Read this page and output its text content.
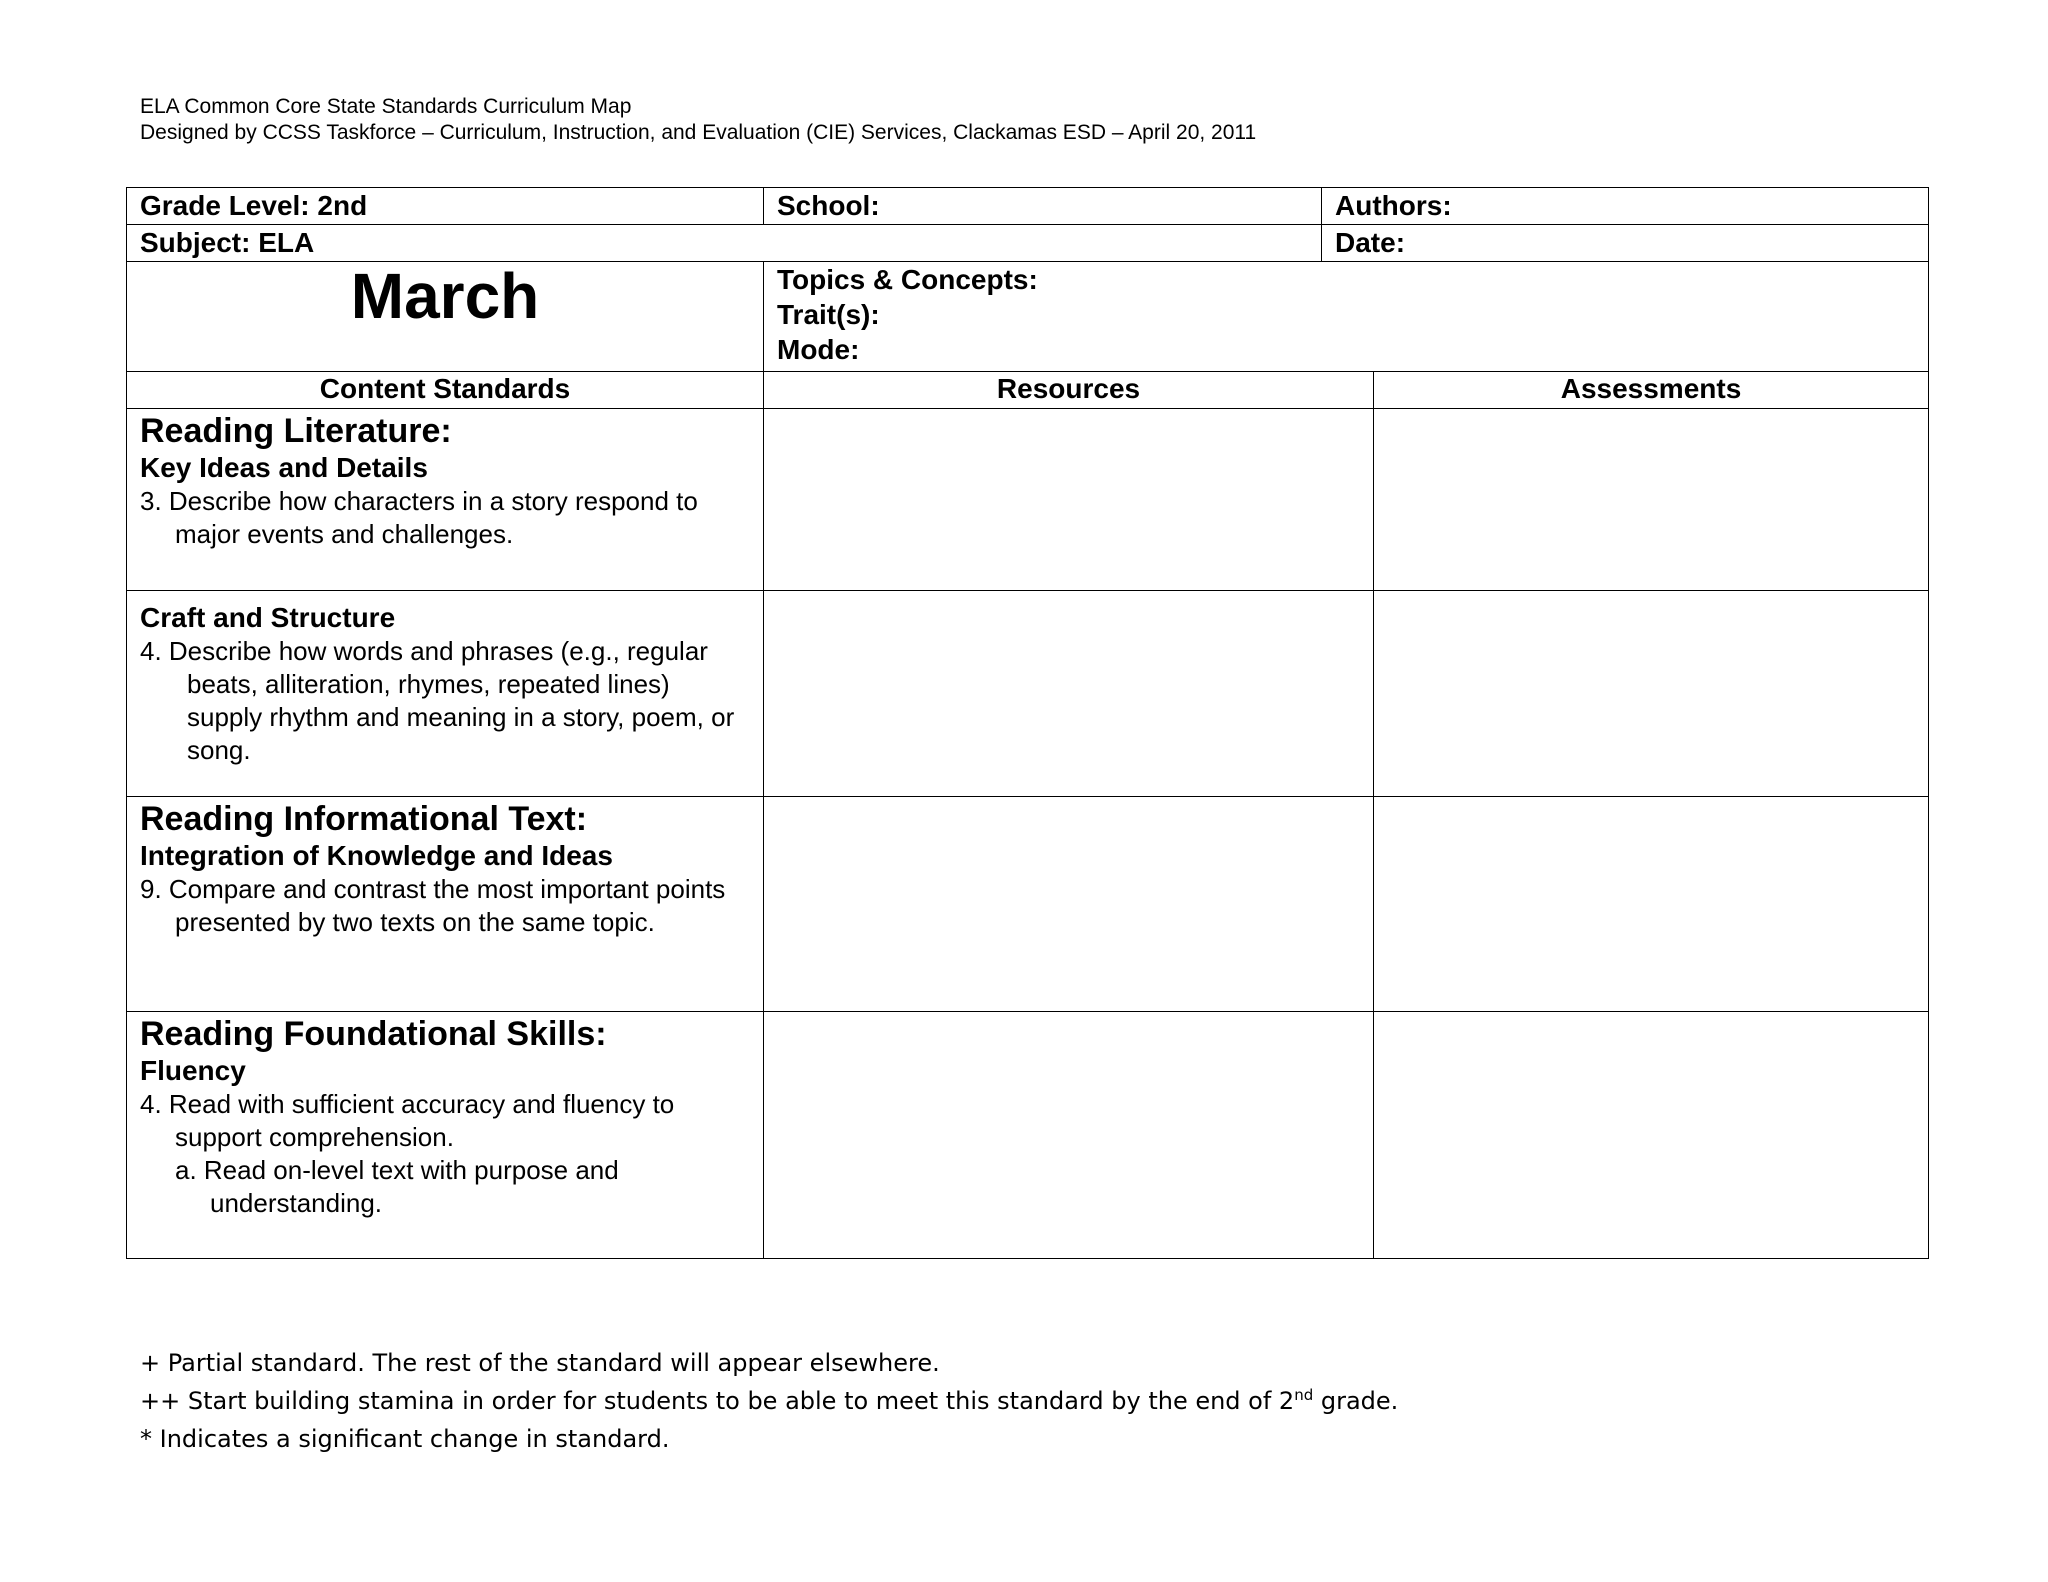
ELA Common Core State Standards Curriculum Map
Designed by CCSS Taskforce – Curriculum, Instruction, and Evaluation (CIE) Services, Clackamas ESD – April 20, 2011
Grade Level: 2nd	School:	Authors:	

Subject: ELA		Date:	

March	Topics & Concepts:
Trait(s):
Mode:		

Content Standards	Resources		Assessments

Reading Literature:
Key Ideas and Details
3. Describe how characters in a story respond to major events and challenges.			

Craft and Structure
4. Describe how words and phrases (e.g., regular beats, alliteration, rhymes, repeated lines) supply rhythm and meaning in a story, poem, or song.			

Reading Informational Text:
Integration of Knowledge and Ideas
9. Compare and contrast the most important points presented by two texts on the same topic.			

Reading Foundational Skills:
Fluency
4. Read with sufficient accuracy and fluency to support comprehension.
a. Read on-level text with purpose and understanding.			

+ Partial standard. The rest of the standard will appear elsewhere.
++ Start building stamina in order for students to be able to meet this standard by the end of 2nd grade.
* Indicates a significant change in standard.
